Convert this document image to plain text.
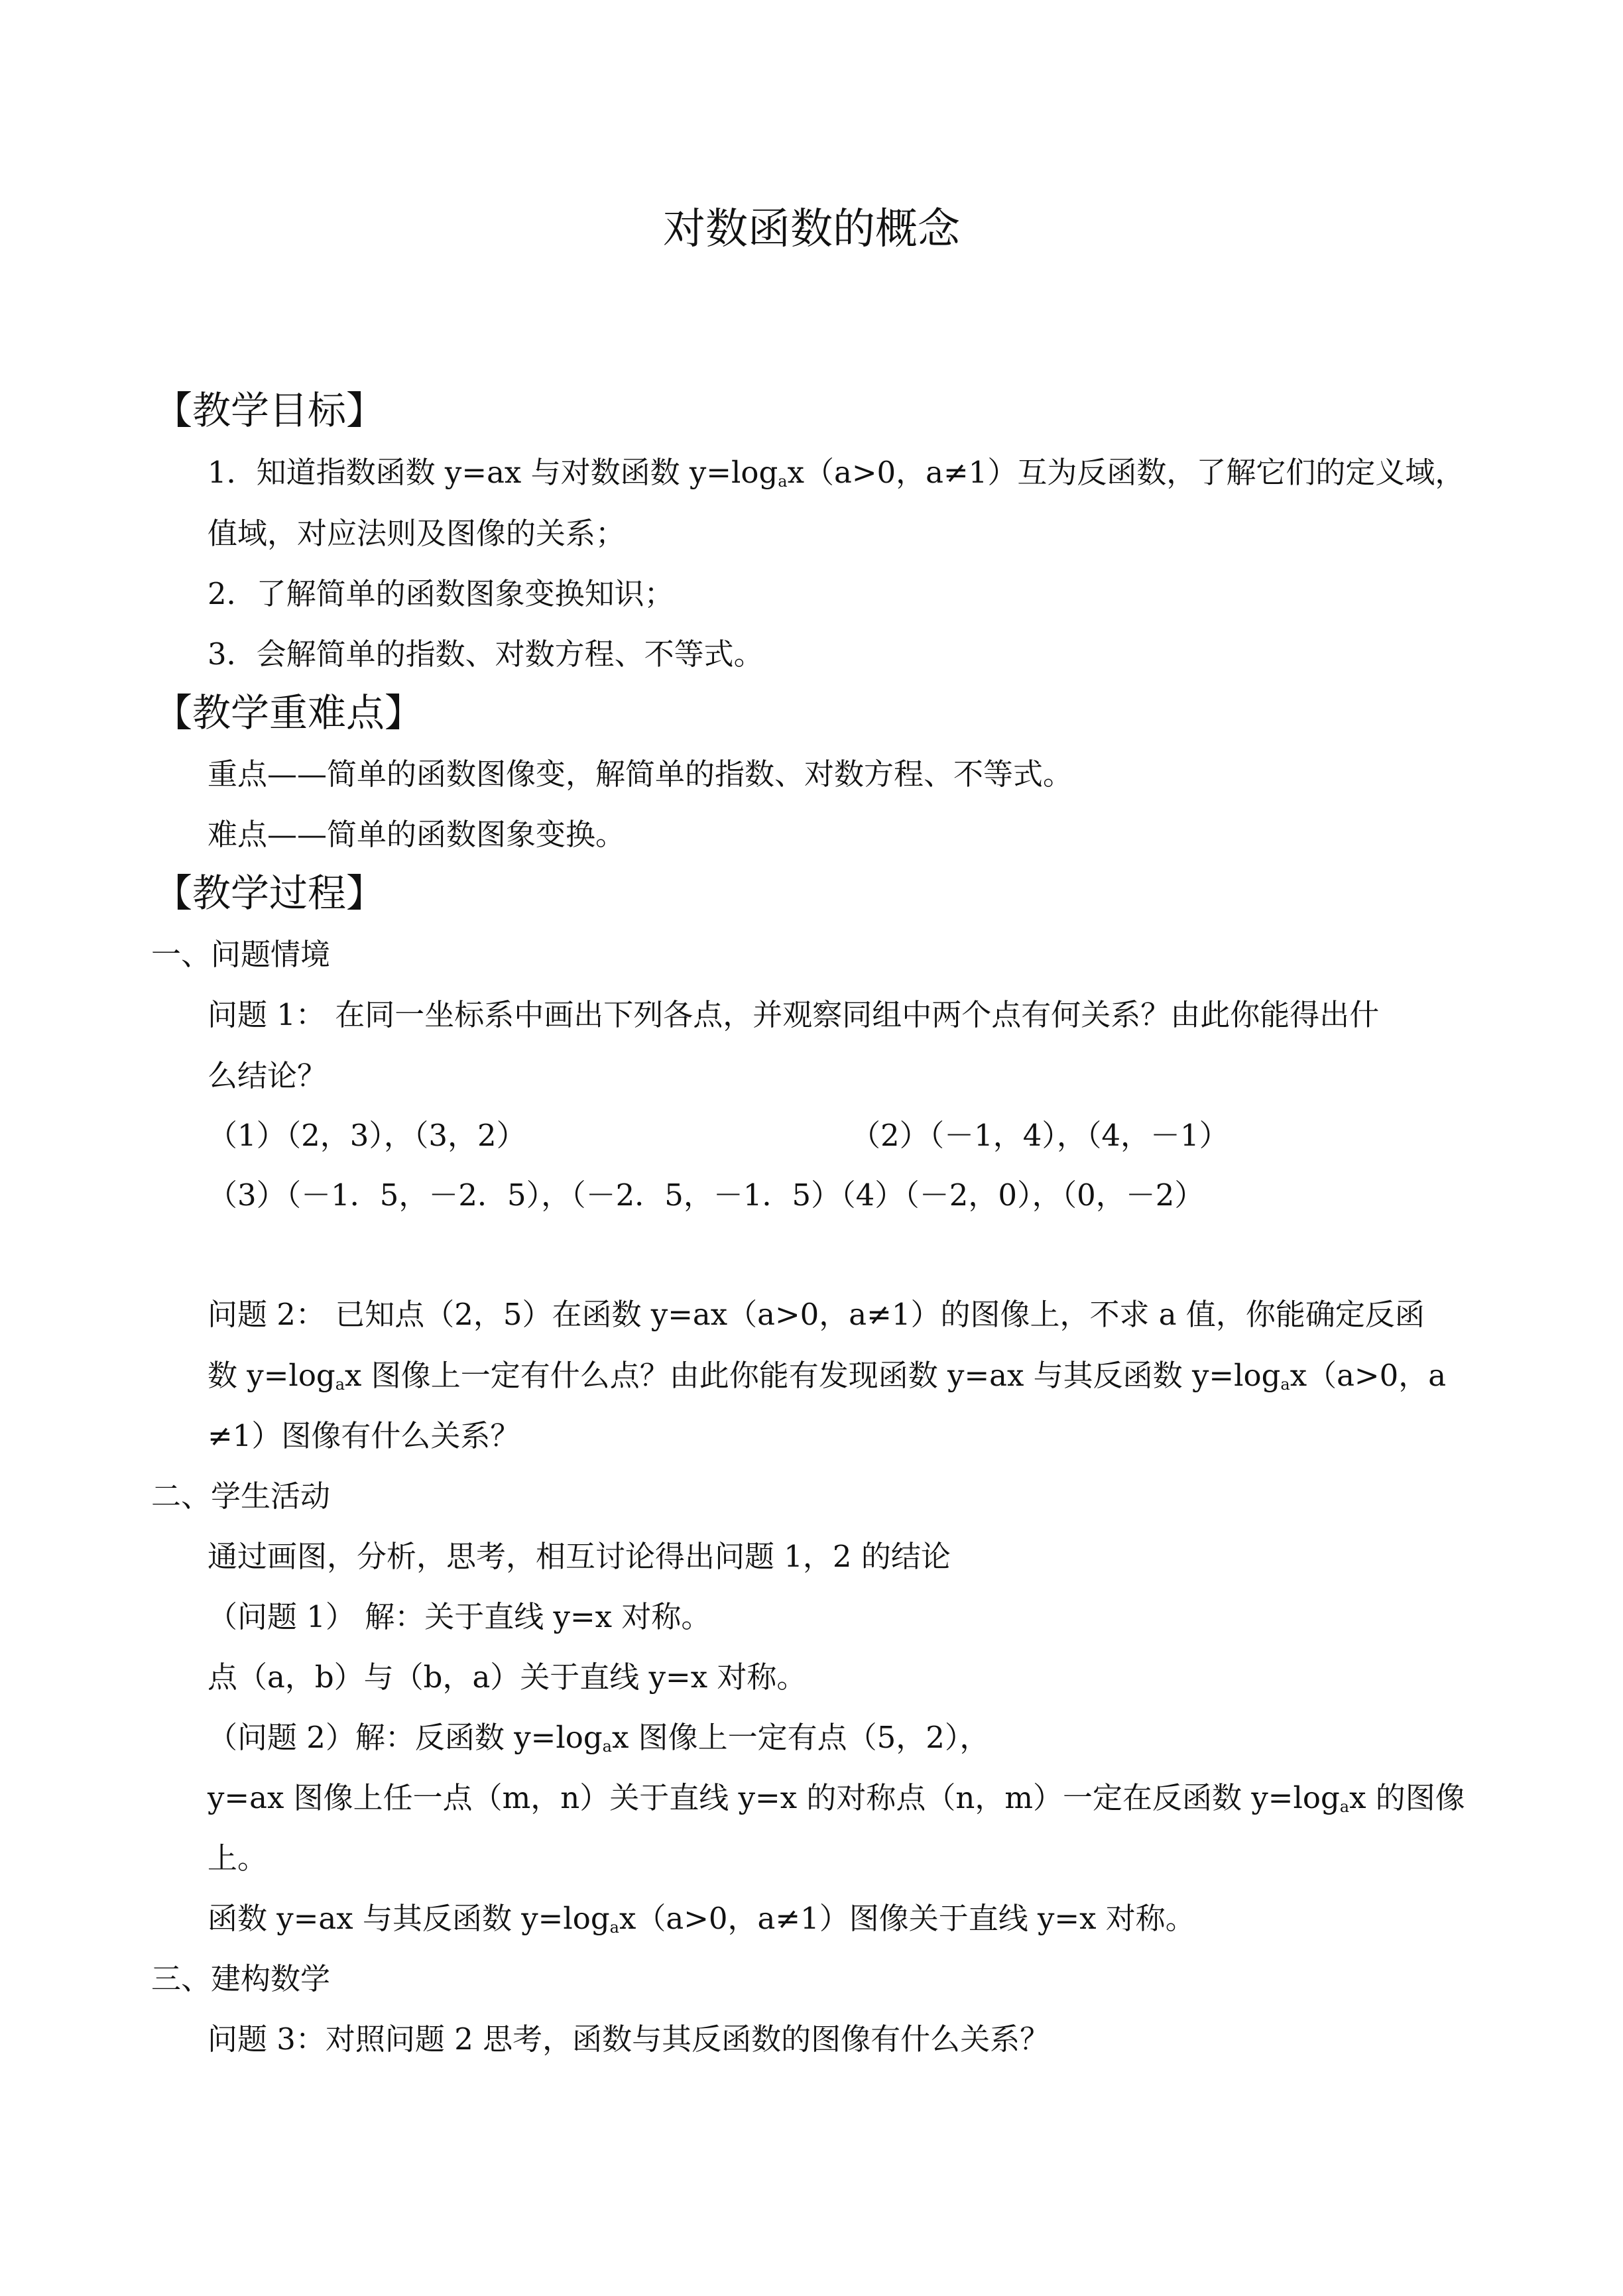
对数函数的概念
【教学目标】
1．知道指数函数 y=ax 与对数函数 $y=\log_ax(a>0$，a≠1）互为反函数，了解它们的定义域，
值域，对应法则及图像的关系；
2．了解简单的函数图象变换知识；
3．会解简单的指数、对数方程、不等式。
【教学重难点】
重点——简单的函数图像变，解简单的指数、对数方程、不等式。
难点——简单的函数图象变换。
【教学过程】
一、问题情境
问题 1： 在同一坐标系中画出下列各点，并观察同组中两个点有何关系？由此你能得出什
么结论？
（1）（2，3），（3，2）	（2）（－1，4），（4，－1）
（3）（－1．5，－2．5），（－2．5，－1．5）（4）（－2，0），（0，－2）
问题 2： 已知点（2，5）在函数 y=ax（a>0，a≠1）的图像上，不求 a 值，你能确定反函
数 $y=\log_ax$ 图像上一定有什么点？由此你能有发现函数 y=ax 与其反函数 $y=\log_ax(a>0$，a
≠1）图像有什么关系？
二、学生活动
通过画图，分析，思考，相互讨论得出问题 1，2 的结论
（问题 1） 解：关于直线 y=x 对称。
点（a，b）与（b，a）关于直线 y=x 对称。
（问题 2）解：反函数 $y=\log_ax$ 图像上一定有点（5，2），
y=ax 图像上任一点（m，n）关于直线 y=x 的对称点（n，m）一定在反函数 $y=\log_ax$ 的图像
上。
函数 y=ax 与其反函数 $y=\log_ax(a>0$，a≠1）图像关于直线 y=x 对称。
三、建构数学
问题 3：对照问题 2 思考，函数与其反函数的图像有什么关系？
